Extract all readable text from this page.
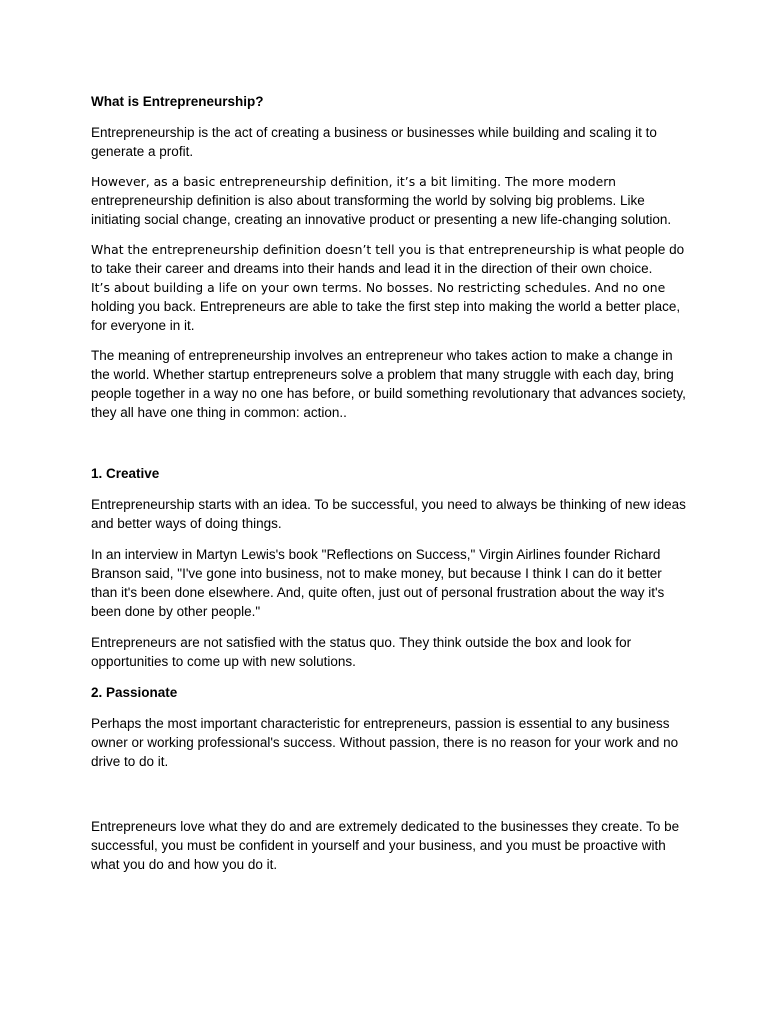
What is Entrepreneurship?

Entrepreneurship is the act of creating a business or businesses while building and scaling it to generate a profit.

However, as a basic entrepreneurship definition, it’s a bit limiting. The more modern

entrepreneurship definition is also about transforming the world by solving big problems. Like initiating social change, creating an innovative product or presenting a new life-changing solution.

What the entrepreneurship definition doesn’t tell you is that entrepreneurship is what people do to take their career and dreams into their hands and lead it in the direction of their own choice.

It’s about building a life on your own terms. No bosses. No restricting schedules. And no one

holding you back. Entrepreneurs are able to take the first step into making the world a better place, for everyone in it.

The meaning of entrepreneurship involves an entrepreneur who takes action to make a change in the world. Whether startup entrepreneurs solve a problem that many struggle with each day, bring people together in a way no one has before, or build something revolutionary that advances society, they all have one thing in common: action..

1. Creative

Entrepreneurship starts with an idea. To be successful, you need to always be thinking of new ideas and better ways of doing things.

In an interview in Martyn Lewis's book "Reflections on Success," Virgin Airlines founder Richard Branson said, "I've gone into business, not to make money, but because I think I can do it better than it's been done elsewhere. And, quite often, just out of personal frustration about the way it's been done by other people."

Entrepreneurs are not satisfied with the status quo. They think outside the box and look for opportunities to come up with new solutions.

2. Passionate

Perhaps the most important characteristic for entrepreneurs, passion is essential to any business owner or working professional's success. Without passion, there is no reason for your work and no drive to do it.

Entrepreneurs love what they do and are extremely dedicated to the businesses they create. To be successful, you must be confident in yourself and your business, and you must be proactive with what you do and how you do it.
